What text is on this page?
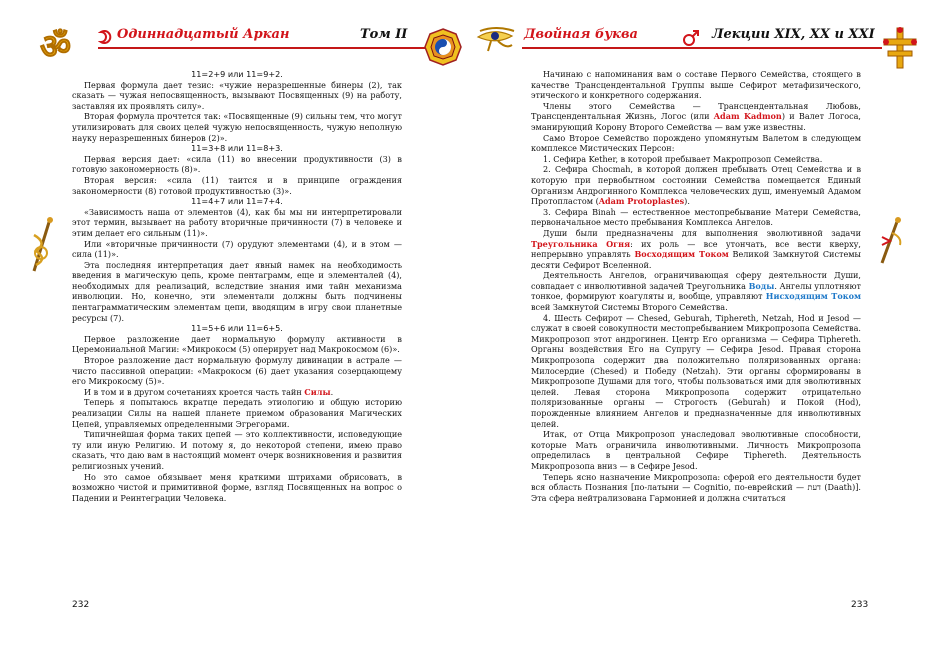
ॐ	Одиннадцатый Аркан	Том II

11=2+9 или 11=9+2.

Первая формула дает тезис: «чужие неразрешенные бинеры (2), так сказать — чужая непосвященность, вызывают Посвященных (9) на работу, заставляя их проявлять силу».

Вторая формула прочтется так: «Посвященные (9) сильны тем, что могут утилизировать для своих целей чужую непосвященность, чужую неполную науку неразрешенных бинеров (2)».

11=3+8 или 11=8+3.

Первая версия дает: «сила (11) во внесении продуктивности (3) в готовую закономерность (8)».

Вторая версия: «сила (11) таится и в принципе ограждения закономерности (8) готовой продуктивностью (3)».

11=4+7 или 11=7+4.

«Зависимость наша от элементов (4), как бы мы ни интерпретировали этот термин, вызывает на работу вторичные причинности (7) в человеке и этим делает его сильным (11)».

Или «вторичные причинности (7) орудуют элементами (4), и в этом — сила (11)».

Эта последняя интерпретация дает явный намек на необходимость введения в магическую цепь, кроме пентаграмм, еще и элементалей (4), необходимых для реализаций, вследствие знания ими тайн механизма инволюции. Но, конечно, эти элементали должны быть подчинены пентаграмматическим элементам цепи, вводящим в игру свои планетные ресурсы (7).

11=5+6 или 11=6+5.

Первое разложение дает нормальную формулу активности в Церемониальной Магии: «Микрокосм (5) оперирует над Макрокосмом (6)».

Второе разложение даст нормальную формулу дивинации в астрале — чисто пассивной операции: «Макрокосм (6) дает указания созерцающему его Микрокосму (5)».

И в том и в другом сочетаниях кроется часть тайн Силы.

Теперь я попытаюсь вкратце передать этиологию и общую историю реализации Силы на нашей планете приемом образования Магических Цепей, управляемых определенными Эгрегорами.

Типичнейшая форма таких цепей — это коллективности, исповедующие ту или иную Религию. И потому я, до некоторой степени, имею право сказать, что даю вам в настоящий момент очерк возникновения и развития религиозных учений.

Но это самое обязывает меня краткими штрихами обрисовать, в возможно чистой и примитивной форме, взгляд Посвященных на вопрос о Падении и Реинтеграции Человека.

232
Двойная буква	Лекции XIX, XX и XXI

Начинаю с напоминания вам о составе Первого Семейства, стоящего в качестве Трансцендентальной Группы выше Сефирот метафизического, этического и конкретного содержания.

Члены этого Семейства — Трансцендентальная Любовь, Трансцендентальная Жизнь, Логос (или Adam Kadmon) и Валет Логоса, эманирующий Корону Второго Семейства — вам уже известны.

Само Второе Семейство порождено упомянутым Валетом в следующем комплексе Мистических Персон:

1. Сефира Kether, в которой пребывает Макропрозоп Семейства.

2. Сефира Chocmah, в которой должен пребывать Отец Семейства и в которую при первобытном состоянии Семейства помещается Единый Организм Андрогинного Комплекса человеческих душ, именуемый Адамом Протопластом (Adam Protoplastes).

3. Сефира Binah — естественное местопребывание Матери Семейства, первоначальное место пребывания Комплекса Ангелов.

Души были предназначены для выполнения эволютивной задачи Треугольника Огня: их роль — все утончать, все вести кверху, непрерывно управлять Восходящим Током Великой Замкнутой Системы десяти Сефирот Вселенной.

Деятельность Ангелов, ограничивающая сферу деятельности Души, совпадает с инволютивной задачей Треугольника Воды. Ангелы уплотняют тонкое, формируют коагуляты и, вообще, управляют Нисходящим Током всей Замкнутой Системы Второго Семейства.

4. Шесть Сефирот — Chesed, Geburah, Tiphereth, Netzah, Hod и Jesod — служат в своей совокупности местопребыванием Микропрозопа Семейства. Микропрозоп этот андрогинен. Центр Его организма — Сефира Tiphereth. Органы воздействия Его на Супругу — Сефира Jesod. Правая сторона Микропрозопа содержит два положительно поляризованных органа: Милосердие (Chesed) и Победу (Netzah). Эти органы сформированы в Микропрозопе Душами для того, чтобы пользоваться ими для эволютивных целей. Левая сторона Микропрозопа содержит отрицательно поляризованные органы — Строгость (Geburah) и Покой (Hod), порожденные влиянием Ангелов и предназначенные для инволютивных целей.

Итак, от Отца Микропрозоп унаследовал эволютивные способности, которые Мать ограничила инволютивными. Личность Микропрозопа определилась в центральной Сефире Tiphereth. Деятельность Микропрозопа вниз — в Сефире Jesod.

Теперь ясно назначение Микропрозопа: сферой его деятельности будет вся область Познания [по-латыни — Cognitio, по-еврейский — דעת (Daath)]. Эта сфера нейтрализована Гармонией и должна считаться

233
